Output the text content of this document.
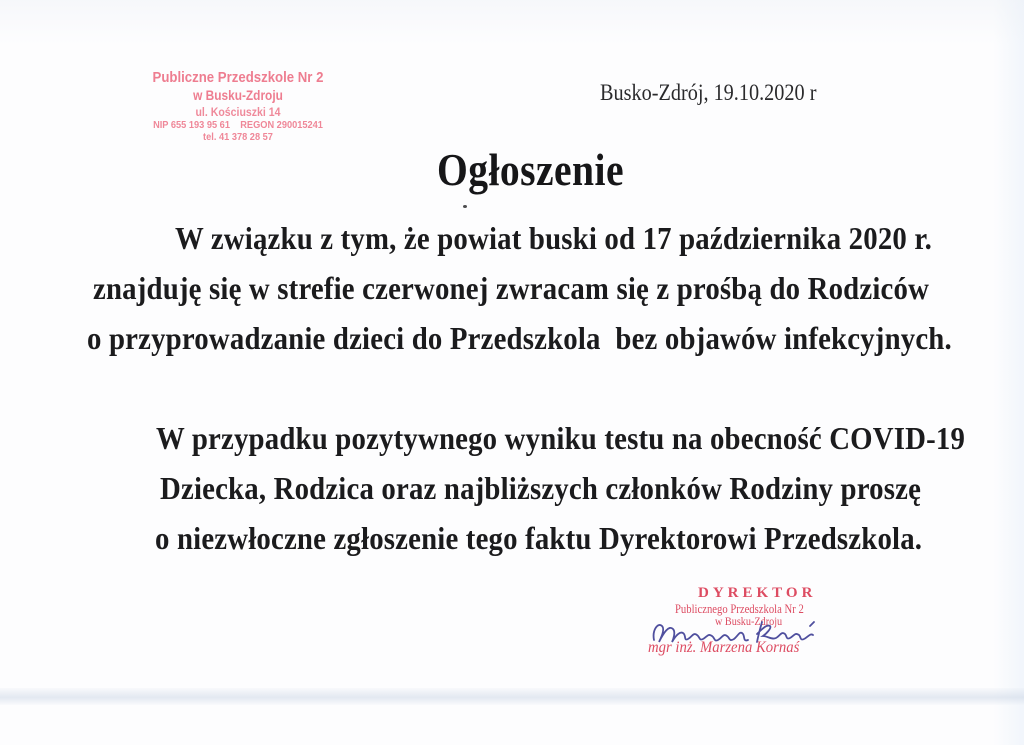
Publiczne Przedszkole Nr 2
w Busku-Zdroju
ul. Kościuszki 14
NIP 655 193 95 61    REGON 290015241
tel. 41 378 28 57
Busko-Zdrój, 19.10.2020 r
Ogłoszenie
W związku z tym, że powiat buski od 17 października 2020 r.
znajduję się w strefie czerwonej zwracam się z prośbą do Rodziców
o przyprowadzanie dzieci do Przedszkola  bez objawów infekcyjnych.
W przypadku pozytywnego wyniku testu na obecność COVID-19
Dziecka, Rodzica oraz najbliższych członków Rodziny proszę
o niezwłoczne zgłoszenie tego faktu Dyrektorowi Przedszkola.
DYREKTOR
Publicznego Przedszkola Nr 2
w Busku-Zdroju
mgr inż. Marzena Kornaś
